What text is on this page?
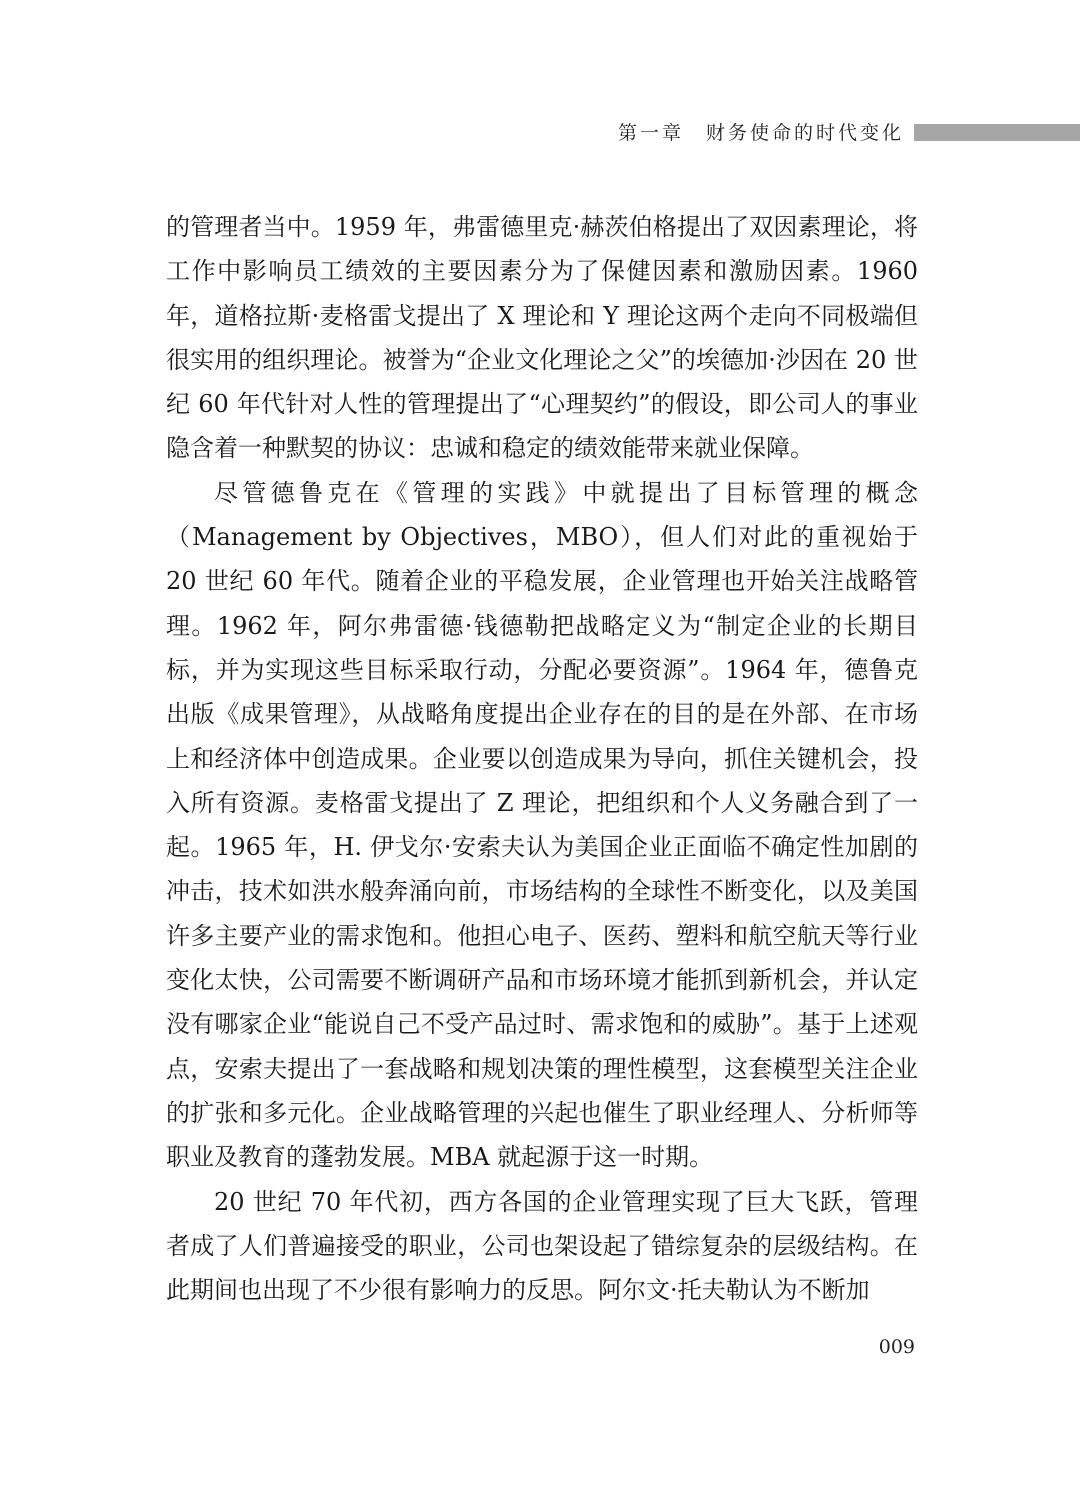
第一章　财务使命的时代变化

的管理者当中。1959 年，弗雷德里克·赫茨伯格提出了双因素理论，将工作中影响员工绩效的主要因素分为了保健因素和激励因素。1960 年，道格拉斯·麦格雷戈提出了 X 理论和 Y 理论这两个走向不同极端但很实用的组织理论。被誉为“企业文化理论之父”的埃德加·沙因在 20 世纪 60 年代针对人性的管理提出了“心理契约”的假设，即公司人的事业隐含着一种默契的协议：忠诚和稳定的绩效能带来就业保障。

尽管德鲁克在《管理的实践》中就提出了目标管理的概念（Management by Objectives，MBO），但人们对此的重视始于 20 世纪 60 年代。随着企业的平稳发展，企业管理也开始关注战略管理。1962 年，阿尔弗雷德·钱德勒把战略定义为“制定企业的长期目标，并为实现这些目标采取行动，分配必要资源”。1964 年，德鲁克出版《成果管理》，从战略角度提出企业存在的目的是在外部、在市场上和经济体中创造成果。企业要以创造成果为导向，抓住关键机会，投入所有资源。麦格雷戈提出了 Z 理论，把组织和个人义务融合到了一起。1965 年，H. 伊戈尔·安索夫认为美国企业正面临不确定性加剧的冲击，技术如洪水般奔涌向前，市场结构的全球性不断变化，以及美国许多主要产业的需求饱和。他担心电子、医药、塑料和航空航天等行业变化太快，公司需要不断调研产品和市场环境才能抓到新机会，并认定没有哪家企业“能说自己不受产品过时、需求饱和的威胁”。基于上述观点，安索夫提出了一套战略和规划决策的理性模型，这套模型关注企业的扩张和多元化。企业战略管理的兴起也催生了职业经理人、分析师等职业及教育的蓬勃发展。MBA 就起源于这一时期。

20 世纪 70 年代初，西方各国的企业管理实现了巨大飞跃，管理者成了人们普遍接受的职业，公司也架设起了错综复杂的层级结构。在此期间也出现了不少很有影响力的反思。阿尔文·托夫勒认为不断加

009
